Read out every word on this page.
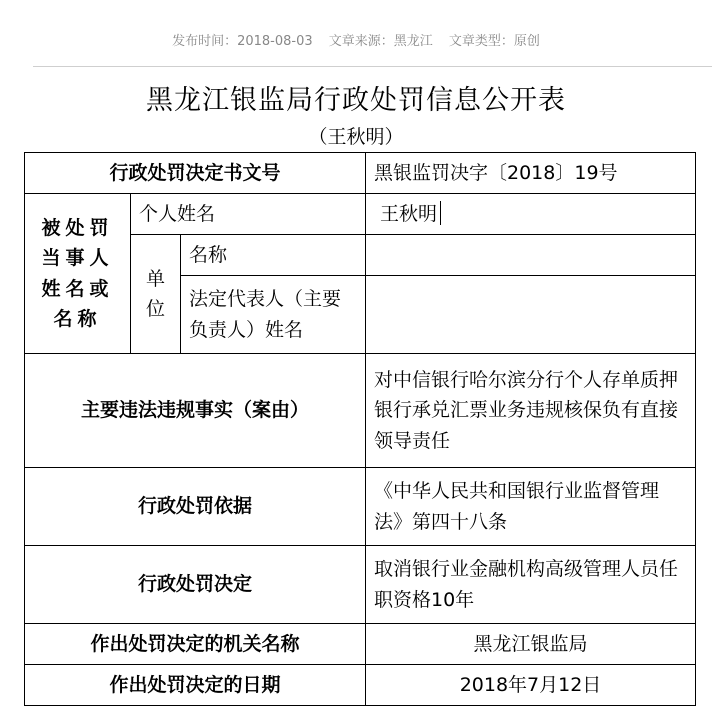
发布时间：2018-08-03 文章来源：黑龙江 文章类型：原创
黑龙江银监局行政处罚信息公开表
（王秋明）
行政处罚决定书文号			黑银监罚决字〔2018〕19号
被处罚当事人姓名或名称	个人姓名		王秋明
	单位	名称	
		法定代表人（主要负责人）姓名	

主要违法违规事实（案由）			对中信银行哈尔滨分行个人存单质押银行承兑汇票业务违规核保负有直接领导责任
行政处罚依据			《中华人民共和国银行业监督管理法》第四十八条
行政处罚决定			取消银行业金融机构高级管理人员任职资格10年
作出处罚决定的机关名称			黑龙江银监局
作出处罚决定的日期			2018年7月12日
